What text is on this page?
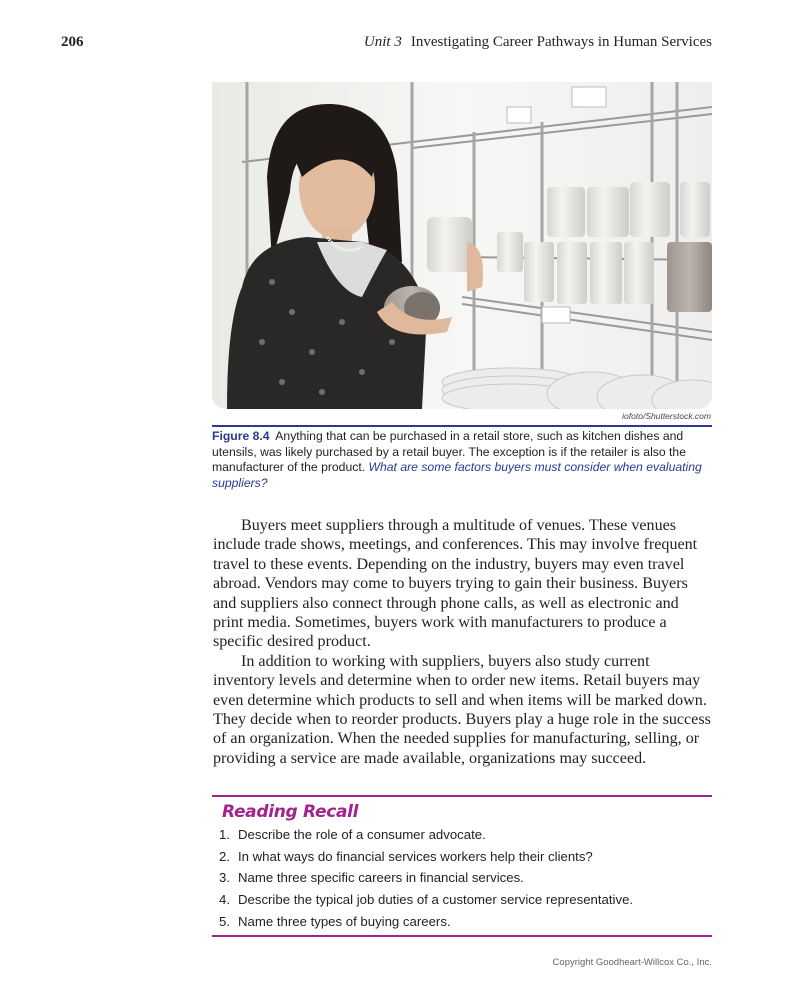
206	Unit 3 Investigating Career Pathways in Human Services
iofoto/Shutterstock.com
Figure 8.4 Anything that can be purchased in a retail store, such as kitchen dishes and utensils, was likely purchased by a retail buyer. The exception is if the retailer is also the manufacturer of the product. What are some factors buyers must consider when evaluating suppliers?

Buyers meet suppliers through a multitude of venues. These venues include trade shows, meetings, and conferences. This may involve frequent travel to these events. Depending on the industry, buyers may even travel abroad. Vendors may come to buyers trying to gain their business. Buyers and suppliers also connect through phone calls, as well as electronic and print media. Sometimes, buyers work with manufacturers to produce a specific desired product.

In addition to working with suppliers, buyers also study current inventory levels and determine when to order new items. Retail buyers may even determine which products to sell and when items will be marked down. They decide when to reorder products. Buyers play a huge role in the success of an organization. When the needed supplies for manufacturing, selling, or providing a service are made available, organizations may succeed.

Reading Recall
1. Describe the role of a consumer advocate.
2. In what ways do financial services workers help their clients?
3. Name three specific careers in financial services.
4. Describe the typical job duties of a customer service representative.
5. Name three types of buying careers.
Copyright Goodheart-Willcox Co., Inc.
